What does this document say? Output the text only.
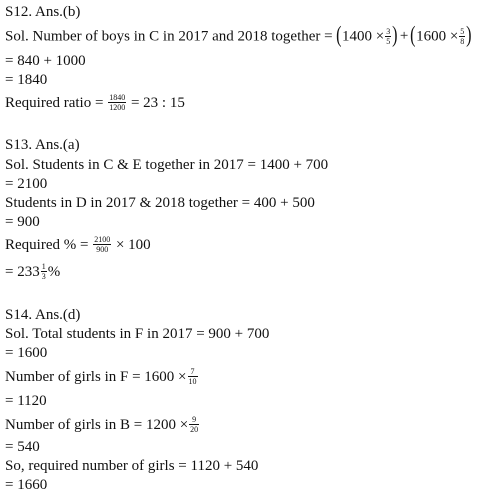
S12. Ans.(b)
Sol. Number of boys in C in 2017 and 2018 together = ($1400 \times \frac{3}{5}$ ) $+(1600 \times \frac{5}{8}$ )
= 840 + 1000
= 1840
Required ratio = $\frac{1840}{1200} = 23$ : 15
S13. Ans.(a)
Sol. Students in C & E together in 2017 = 1400 + 700
= 2100
Students in D in 2017 & 2018 together = 400 + 500
= 900
Required % = $\frac{2100}{900} \times 100$
= $233 \frac{1}{3}$ %
S14. Ans.(d)
Sol. Total students in F in 2017 = 900 + 700
= 1600
Number of girls in $F = 1600 \times \frac{7}{10}$
= 1120
Number of girls in $B = 1200 \times \frac{9}{20}$
= 540
So, required number of girls = 1120 + 540
= 1660
